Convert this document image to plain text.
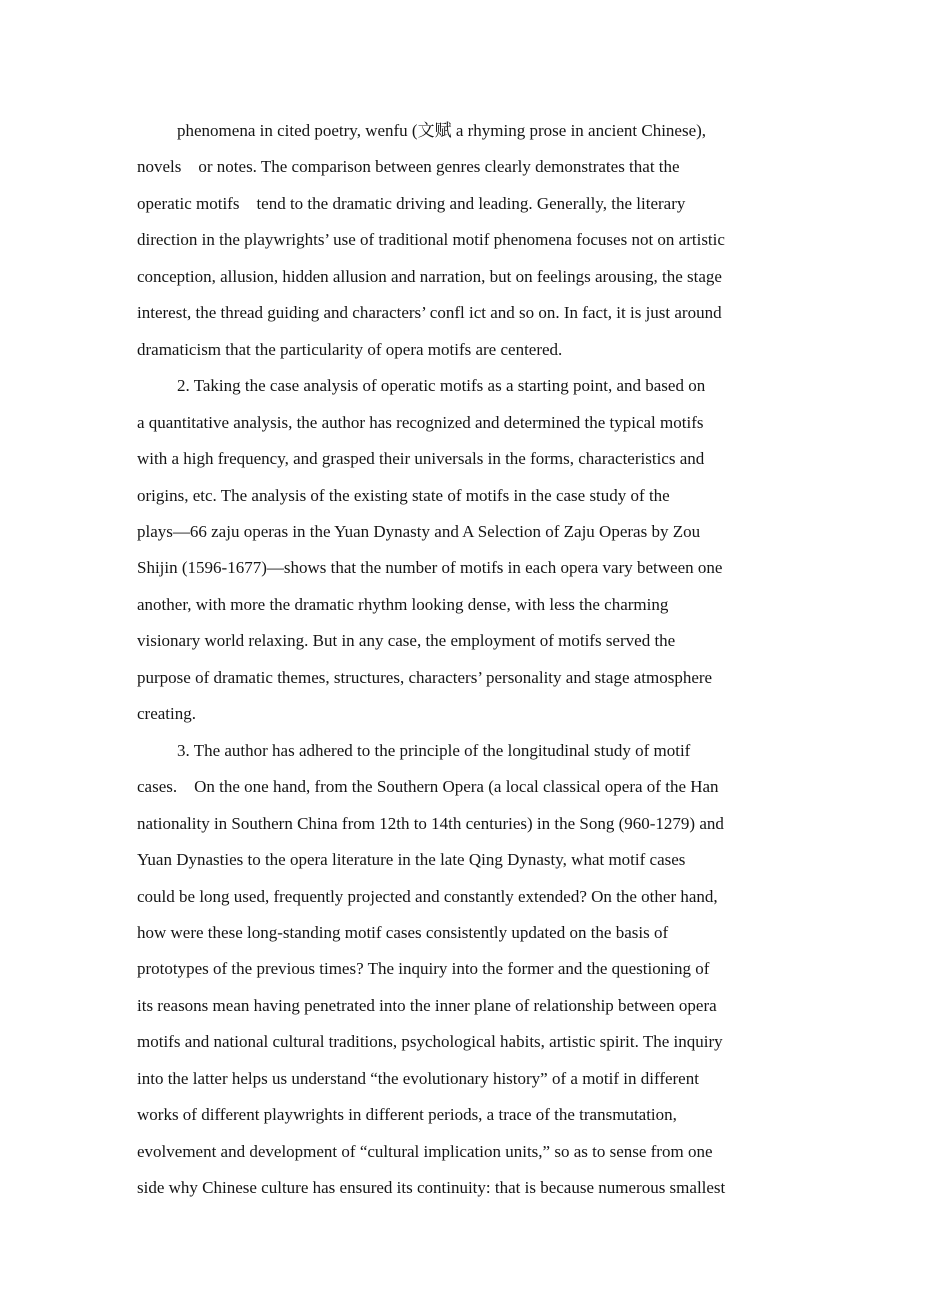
phenomena in cited poetry, wenfu (文赋 a rhyming prose in ancient Chinese),
novels    or notes. The comparison between genres clearly demonstrates that the
operatic motifs    tend to the dramatic driving and leading. Generally, the literary
direction in the playwrights’ use of traditional motif phenomena focuses not on artistic
conception, allusion, hidden allusion and narration, but on feelings arousing, the stage
interest, the thread guiding and characters’ confl ict and so on. In fact, it is just around
dramaticism that the particularity of opera motifs are centered.
2. Taking the case analysis of operatic motifs as a starting point, and based on
a quantitative analysis, the author has recognized and determined the typical motifs
with a high frequency, and grasped their universals in the forms, characteristics and
origins, etc. The analysis of the existing state of motifs in the case study of the
plays—66 zaju operas in the Yuan Dynasty and A Selection of Zaju Operas by Zou
Shijin (1596-1677)—shows that the number of motifs in each opera vary between one
another, with more the dramatic rhythm looking dense, with less the charming
visionary world relaxing. But in any case, the employment of motifs served the
purpose of dramatic themes, structures, characters’ personality and stage atmosphere
creating.
3. The author has adhered to the principle of the longitudinal study of motif
cases.    On the one hand, from the Southern Opera (a local classical opera of the Han
nationality in Southern China from 12th to 14th centuries) in the Song (960-1279) and
Yuan Dynasties to the opera literature in the late Qing Dynasty, what motif cases
could be long used, frequently projected and constantly extended? On the other hand,
how were these long-standing motif cases consistently updated on the basis of
prototypes of the previous times? The inquiry into the former and the questioning of
its reasons mean having penetrated into the inner plane of relationship between opera
motifs and national cultural traditions, psychological habits, artistic spirit. The inquiry
into the latter helps us understand “the evolutionary history” of a motif in different
works of different playwrights in different periods, a trace of the transmutation,
evolvement and development of “cultural implication units,” so as to sense from one
side why Chinese culture has ensured its continuity: that is because numerous smallest
